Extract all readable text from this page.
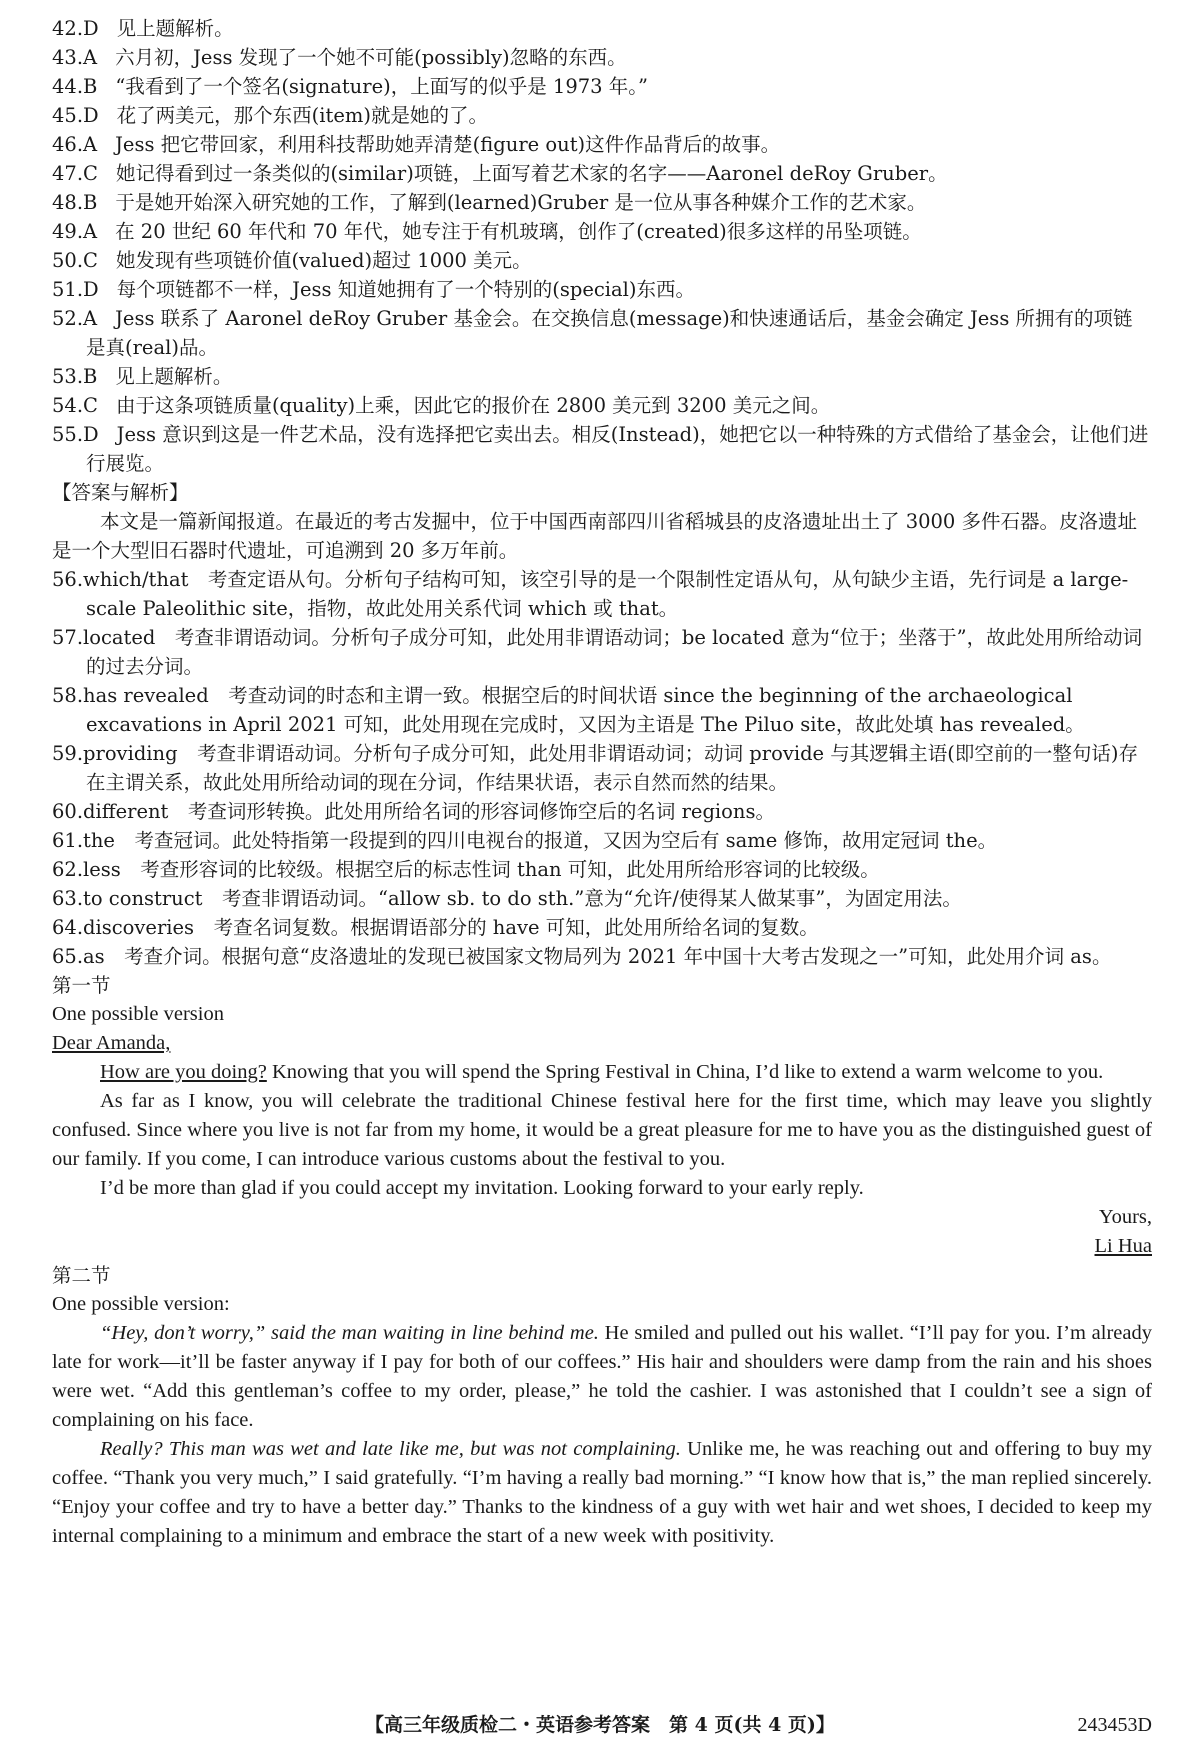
42.D 见上题解析。
43.A 六月初，Jess 发现了一个她不可能(possibly)忽略的东西。
44.B “我看到了一个签名(signature)，上面写的似乎是 1973 年。”
45.D 花了两美元，那个东西(item)就是她的了。
46.A Jess 把它带回家，利用科技帮助她弄清楚(figure out)这件作品背后的故事。
47.C 她记得看到过一条类似的(similar)项链，上面写着艺术家的名字——Aaronel deRoy Gruber。
48.B 于是她开始深入研究她的工作，了解到(learned)Gruber 是一位从事各种媒介工作的艺术家。
49.A 在 20 世纪 60 年代和 70 年代，她专注于有机玻璃，创作了(created)很多这样的吊坠项链。
50.C 她发现有些项链价值(valued)超过 1000 美元。
51.D 每个项链都不一样，Jess 知道她拥有了一个特别的(special)东西。
52.A Jess 联系了 Aaronel deRoy Gruber 基金会。在交换信息(message)和快速通话后，基金会确定 Jess 所拥有的项链是真(real)品。
53.B 见上题解析。
54.C 由于这条项链质量(quality)上乘，因此它的报价在 2800 美元到 3200 美元之间。
55.D Jess 意识到这是一件艺术品，没有选择把它卖出去。相反(Instead)，她把它以一种特殊的方式借给了基金会，让他们进行展览。
【答案与解析】
本文是一篇新闻报道。在最近的考古发掘中，位于中国西南部四川省稻城县的皮洛遗址出土了 3000 多件石器。皮洛遗址是一个大型旧石器时代遗址，可追溯到 20 多万年前。
56.which/that　考查定语从句。分析句子结构可知，该空引导的是一个限制性定语从句，从句缺少主语，先行词是 a large-scale Paleolithic site，指物，故此处用关系代词 which 或 that。
57.located　考查非谓语动词。分析句子成分可知，此处用非谓语动词；be located 意为“位于；坐落于”，故此处用所给动词的过去分词。
58.has revealed　考查动词的时态和主谓一致。根据空后的时间状语 since the beginning of the archaeological excavations in April 2021 可知，此处用现在完成时，又因为主语是 The Piluo site，故此处填 has revealed。
59.providing　考查非谓语动词。分析句子成分可知，此处用非谓语动词；动词 provide 与其逻辑主语(即空前的一整句话)存在主谓关系，故此处用所给动词的现在分词，作结果状语，表示自然而然的结果。
60.different　考查词形转换。此处用所给名词的形容词修饰空后的名词 regions。
61.the　考查冠词。此处特指第一段提到的四川电视台的报道，又因为空后有 same 修饰，故用定冠词 the。
62.less　考查形容词的比较级。根据空后的标志性词 than 可知，此处用所给形容词的比较级。
63.to construct　考查非谓语动词。“allow sb. to do sth.”意为“允许/使得某人做某事”，为固定用法。
64.discoveries　考查名词复数。根据谓语部分的 have 可知，此处用所给名词的复数。
65.as　考查介词。根据句意“皮洛遗址的发现已被国家文物局列为 2021 年中国十大考古发现之一”可知，此处用介词 as。
第一节
One possible version
Dear Amanda,
How are you doing? Knowing that you will spend the Spring Festival in China, I’d like to extend a warm welcome to you.
As far as I know, you will celebrate the traditional Chinese festival here for the first time, which may leave you slightly confused. Since where you live is not far from my home, it would be a great pleasure for me to have you as the distinguished guest of our family. If you come, I can introduce various customs about the festival to you.
I’d be more than glad if you could accept my invitation. Looking forward to your early reply.
Yours,
Li Hua
第二节
One possible version:
“Hey, don’t worry,” said the man waiting in line behind me. He smiled and pulled out his wallet. “I’ll pay for you. I’m already late for work—it’ll be faster anyway if I pay for both of our coffees.” His hair and shoulders were damp from the rain and his shoes were wet. “Add this gentleman’s coffee to my order, please,” he told the cashier. I was astonished that I couldn’t see a sign of complaining on his face.
Really? This man was wet and late like me, but was not complaining. Unlike me, he was reaching out and offering to buy my coffee. “Thank you very much,” I said gratefully. “I’m having a really bad morning.” “I know how that is,” the man replied sincerely. “Enjoy your coffee and try to have a better day.” Thanks to the kindness of a guy with wet hair and wet shoes, I decided to keep my internal complaining to a minimum and embrace the start of a new week with positivity.
【高三年级质检二・英语参考答案　第 4 页(共 4 页)】	243453D
